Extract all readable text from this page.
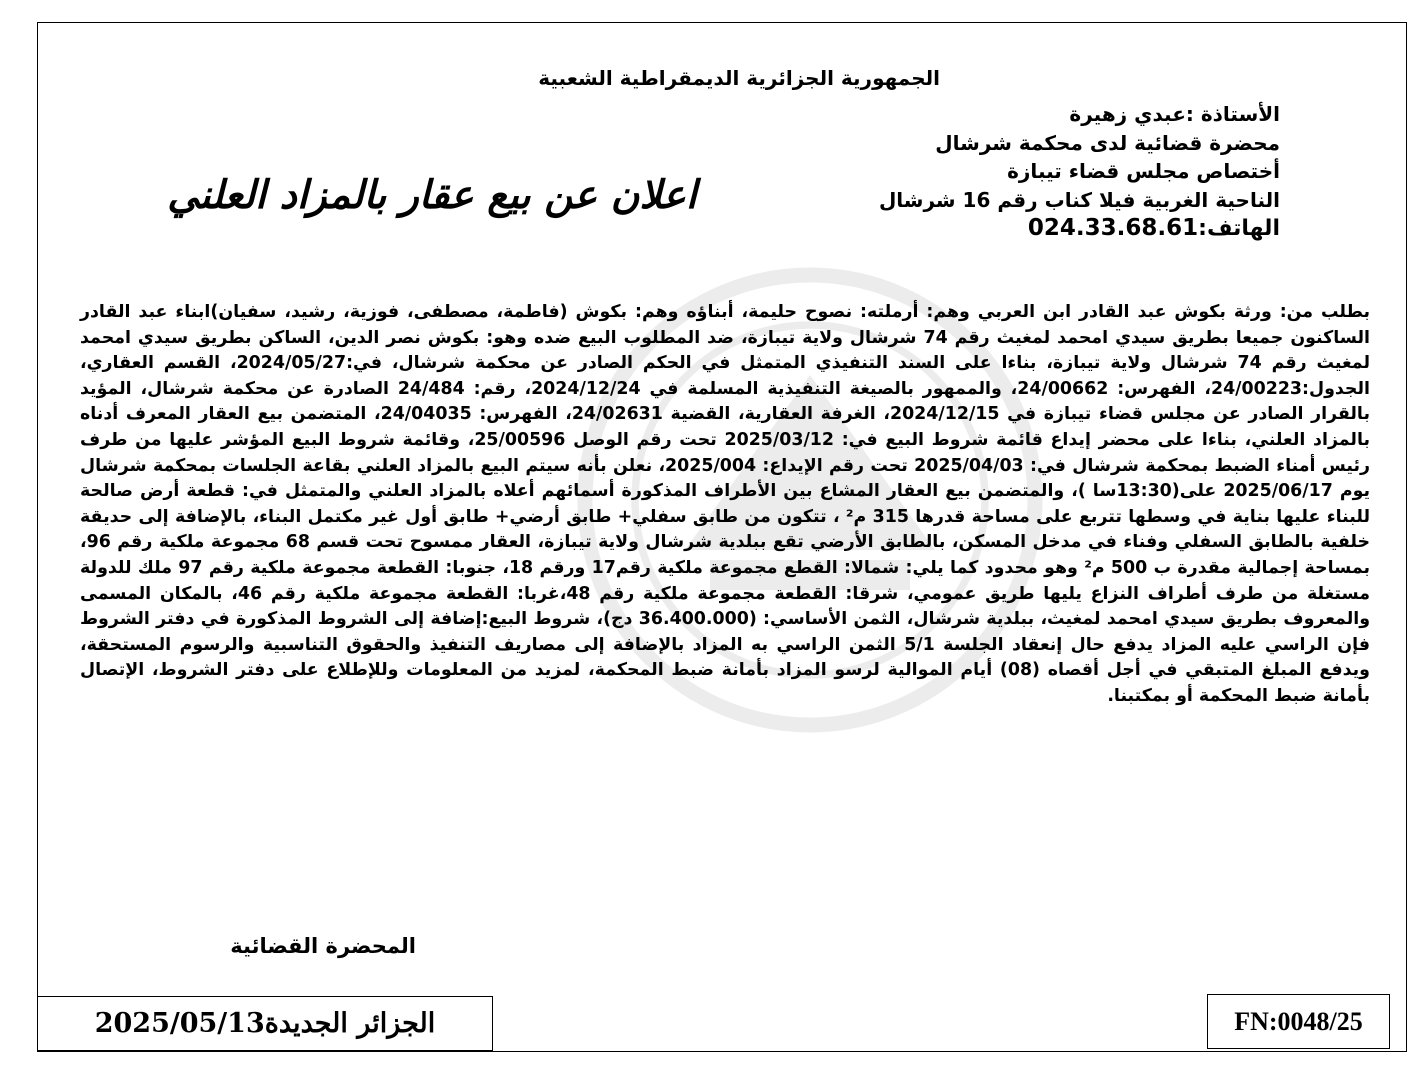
الجمهورية الجزائرية الديمقراطية الشعبية
الأستاذة :عبدي زهيرة
محضرة قضائية لدى محكمة شرشال
أختصاص مجلس قضاء تيبازة
الناحية الغربية فيلا كناب رقم 16 شرشال
الهاتف:024.33.68.61
اعلان عن بيع عقار بالمزاد العلني
بطلب من: ورثة بكوش عبد القادر ابن العربي وهم: أرملته: نصوح حليمة، أبناؤه وهم: بكوش (فاطمة، مصطفى، فوزية، رشيد، سفيان)ابناء عبد القادر الساكنون جميعا بطريق سيدي امحمد لمغيث رقم 74 شرشال ولاية تيبازة، ضد المطلوب البيع ضده وهو: بكوش نصر الدين، الساكن بطريق سيدي امحمد لمغيث رقم 74 شرشال ولاية تيبازة، بناءا على السند التنفيذي المتمثل في الحكم الصادر عن محكمة شرشال، في:2024/05/27، القسم العقاري، الجدول:24/00223، الفهرس: 24/00662، والممهور بالصيغة التنفيذية المسلمة في 2024/12/24، رقم: 24/484 الصادرة عن محكمة شرشال، المؤيد بالقرار الصادر عن مجلس قضاء تيبازة في 2024/12/15، الغرفة العقارية، القضية 24/02631، الفهرس: 24/04035، المتضمن بيع العقار المعرف أدناه بالمزاد العلني، بناءا على محضر إيداع قائمة شروط البيع في: 2025/03/12 تحت رقم الوصل 25/00596، وقائمة شروط البيع المؤشر عليها من طرف رئيس أمناء الضبط بمحكمة شرشال في: 2025/04/03 تحت رقم الإيداع: 2025/004، نعلن بأنه سيتم البيع بالمزاد العلني بقاعة الجلسات بمحكمة شرشال يوم 2025/06/17 على(13:30سا )، والمتضمن بيع العقار المشاع بين الأطراف المذكورة أسمائهم أعلاه بالمزاد العلني والمتمثل في: قطعة أرض صالحة للبناء عليها بناية في وسطها تتربع على مساحة قدرها 315 م² ، تتكون من طابق سفلي+ طابق أرضي+ طابق أول غير مكتمل البناء، بالإضافة إلى حديقة خلفية بالطابق السفلي وفناء في مدخل المسكن، بالطابق الأرضي تقع ببلدية شرشال ولاية تيبازة، العقار ممسوح تحت قسم 68 مجموعة ملكية رقم 96، بمساحة إجمالية مقدرة ب 500 م² وهو محدود كما يلي: شمالا: القطع مجموعة ملكية رقم17 ورقم 18، جنوبا: القطعة مجموعة ملكية رقم 97 ملك للدولة مستغلة من طرف أطراف النزاع يليها طريق عمومي، شرقا: القطعة مجموعة ملكية رقم 48،غربا: القطعة مجموعة ملكية رقم 46، بالمكان المسمى والمعروف بطريق سيدي امحمد لمغيث، ببلدية شرشال، الثمن الأساسي: (36.400.000 دج)، شروط البيع:إضافة إلى الشروط المذكورة في دفتر الشروط فإن الراسي عليه المزاد يدفع حال إنعقاد الجلسة 5/1 الثمن الراسي به المزاد بالإضافة إلى مصاريف التنفيذ والحقوق التناسبية والرسوم المستحقة، ويدفع المبلغ المتبقي في أجل أقصاه (08) أيام الموالية لرسو المزاد بأمانة ضبط المحكمة، لمزيد من المعلومات وللإطلاع على دفتر الشروط، الإتصال بأمانة ضبط المحكمة أو بمكتبنا.
المحضرة القضائية
الجزائر الجديدة2025/05/13	FN:0048/25
